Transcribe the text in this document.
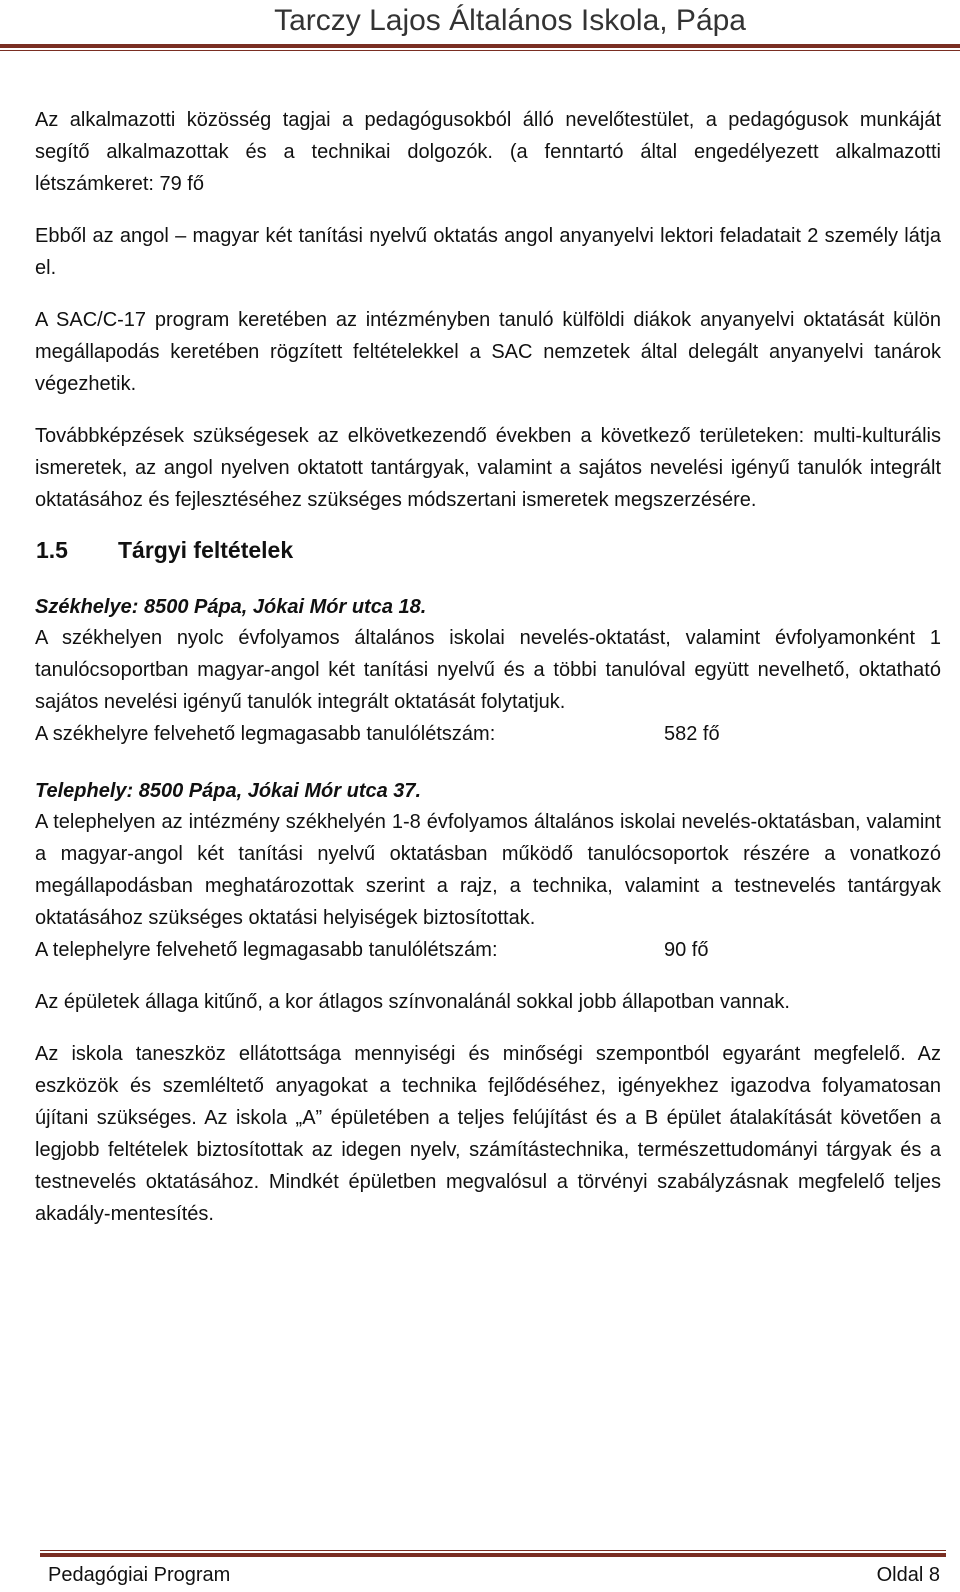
Tarczy Lajos Általános Iskola, Pápa

Az alkalmazotti közösség tagjai a pedagógusokból álló nevelőtestület, a pedagógusok munkáját segítő alkalmazottak és a technikai dolgozók. (a fenntartó által engedélyezett alkalmazotti létszámkeret: 79 fő

Ebből az angol – magyar két tanítási nyelvű oktatás angol anyanyelvi lektori feladatait 2 személy látja el.

A SAC/C-17 program keretében az intézményben tanuló külföldi diákok anyanyelvi oktatását külön megállapodás keretében rögzített feltételekkel a SAC nemzetek által delegált anyanyelvi tanárok végezhetik.

Továbbképzések szükségesek az elkövetkezendő években a következő területeken: multi-kulturális ismeretek, az angol nyelven oktatott tantárgyak, valamint a sajátos nevelési igényű tanulók integrált oktatásához és fejlesztéséhez szükséges módszertani ismeretek megszerzésére.

1.5	Tárgyi feltételek
Székhelye: 8500 Pápa, Jókai Mór utca 18.

A székhelyen nyolc évfolyamos általános iskolai nevelés-oktatást, valamint évfolyamonként 1 tanulócsoportban magyar-angol két tanítási nyelvű és a többi tanulóval együtt nevelhető, oktatható sajátos nevelési igényű tanulók integrált oktatását folytatjuk.

A székhelyre felvehető legmagasabb tanulólétszám:	582 fő
Telephely: 8500 Pápa, Jókai Mór utca 37.

A telephelyen az intézmény székhelyén 1-8 évfolyamos általános iskolai nevelés-oktatásban, valamint a magyar-angol két tanítási nyelvű oktatásban működő tanulócsoportok részére a vonatkozó megállapodásban meghatározottak szerint a rajz, a technika, valamint a testnevelés tantárgyak oktatásához szükséges oktatási helyiségek biztosítottak.

A telephelyre felvehető legmagasabb tanulólétszám:	90 fő

Az épületek állaga kitűnő, a kor átlagos színvonalánál sokkal jobb állapotban vannak.

Az iskola taneszköz ellátottsága mennyiségi és minőségi szempontból egyaránt megfelelő. Az eszközök és szemléltető anyagokat a technika fejlődéséhez, igényekhez igazodva folyamatosan újítani szükséges. Az iskola „A” épületében a teljes felújítást és a B épület átalakítását követően a legjobb feltételek biztosítottak az idegen nyelv, számítástechnika, természettudományi tárgyak és a testnevelés oktatásához. Mindkét épületben megvalósul a törvényi szabályzásnak megfelelő teljes akadály-mentesítés.

Pedagógiai Program	Oldal 8
